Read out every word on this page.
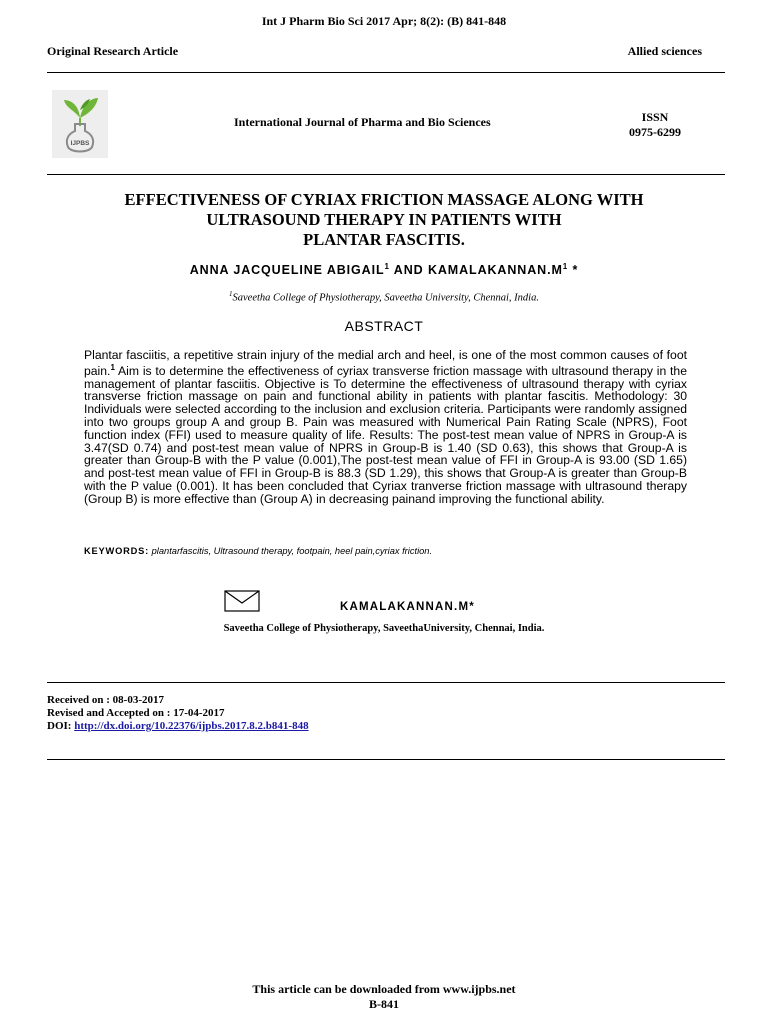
Int J Pharm Bio Sci 2017 Apr; 8(2): (B) 841-848
Original Research Article	Allied sciences
IJPBS
International Journal of Pharma and Bio Sciences	ISSN
0975-6299
EFFECTIVENESS OF CYRIAX FRICTION MASSAGE ALONG WITH
ULTRASOUND THERAPY IN PATIENTS WITH
PLANTAR FASCITIS.
ANNA JACQUELINE ABIGAIL$^1$ AND $KAMALAKANNAN.M^1$ *
$^1$Saveetha College of Physiotherapy, Saveetha University, Chennai, India.
ABSTRACT
Plantar fasciitis, a repetitive strain injury of the medial arch and heel, is one of the most common causes of foot pain.$^1$ Aim is to determine the effectiveness of cyriax transverse friction massage with ultrasound therapy in the management of plantar fasciitis. Objective is To determine the effectiveness of ultrasound therapy with cyriax transverse friction massage on pain and functional ability in patients with plantar fascitis. Methodology: 30 Individuals were selected according to the inclusion and exclusion criteria. Participants were randomly assigned into two groups group A and group B. Pain was measured with Numerical Pain Rating Scale (NPRS), Foot function index (FFI) used to measure quality of life. Results: The post-test mean value of NPRS in Group-A is 3.47(SD 0.74) and post-test mean value of NPRS in Group-B is 1.40 (SD 0.63), this shows that Group-A is greater than Group-B with the P value (0.001),The post-test mean value of FFI in Group-A is 93.00 (SD 1.65) and post-test mean value of FFI in Group-B is 88.3 (SD 1.29), this shows that Group-A is greater than Group-B with the P value (0.001). It has been concluded that Cyriax tranverse friction massage with ultrasound therapy (Group B) is more effective than (Group A) in decreasing painand improving the functional ability.
KEYWORDS: plantarfascitis, Ultrasound therapy, footpain, heel pain,cyriax friction.
KAMALAKANNAN.M*
Saveetha College of Physiotherapy, SaveethaUniversity, Chennai, India.
Received on : 08-03-2017
Revised and Accepted on : 17-04-2017
DOI: http://dx.doi.org/10.22376/ijpbs.2017.8.2.b841-848
This article can be downloaded from www.ijpbs.net
B-841
